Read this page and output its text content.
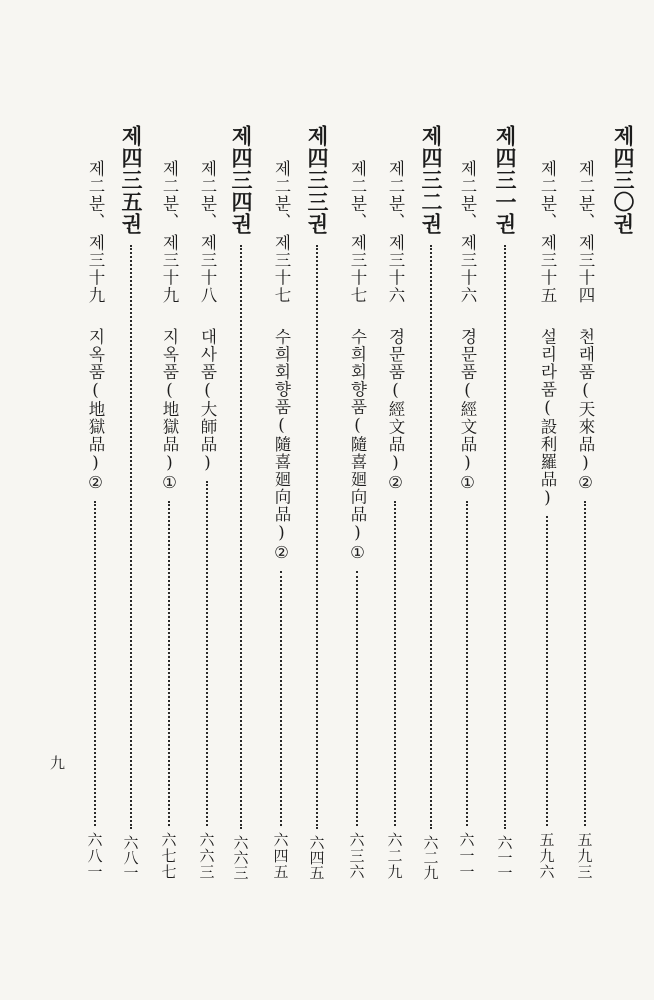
제四三〇권
제二분、
제三十四
천래품(天來品)②
五九三
제二분、
제三十五
설리라품(設利羅品)
五九六
제四三一권
六一一
제二분、
제三十六
경문품(經文品)①
六一一
제四三二권
六二九
제二분、
제三十六
경문품(經文品)②
六二九
제二분、
제三十七
수희회향품(隨喜廻向品)①
六三六
제四三三권
六四五
제二분、
제三十七
수희회향품(隨喜廻向品)②
六四五
제四三四권
六六三
제二분、
제三十八
대사품(大師品)
六六三
제二분、
제三十九
지옥품(地獄品)①
六七七
제四三五권
六八一
제二분、
제三十九
지옥품(地獄品)②
六八一
九
